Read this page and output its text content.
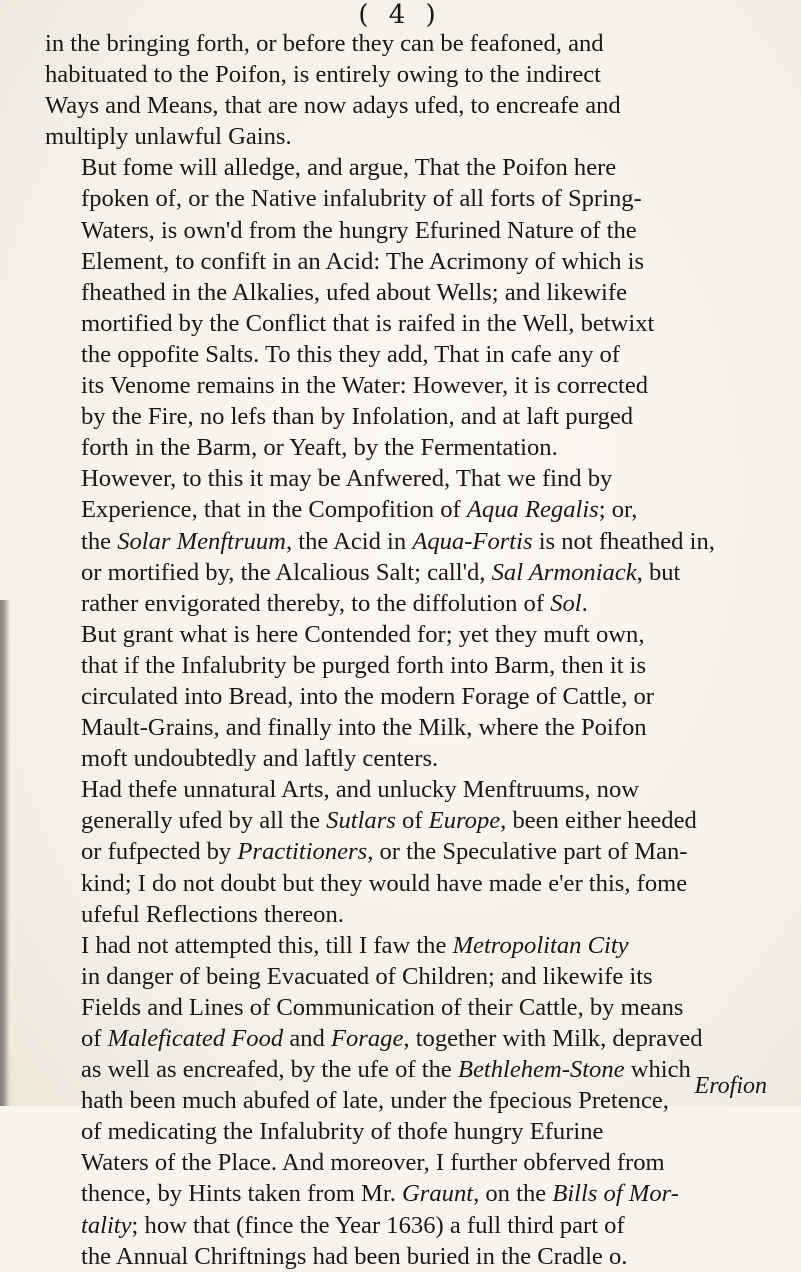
( 4 )

in the bringing forth, or before they can be feafoned, and
habituated to the Poifon, is entirely owing to the indirect
Ways and Means, that are now adays ufed, to encreafe and
multiply unlawful Gains.

But fome will alledge, and argue, That the Poifon here
fpoken of, or the Native infalubrity of all forts of Spring-
Waters, is own'd from the hungry Efurined Nature of the
Element, to confift in an Acid: The Acrimony of which is
fheathed in the Alkalies, ufed about Wells; and likewife
mortified by the Conflict that is raifed in the Well, betwixt
the oppofite Salts. To this they add, That in cafe any of
its Venome remains in the Water: However, it is corrected
by the Fire, no lefs than by Infolation, and at laft purged
forth in the Barm, or Yeaft, by the Fermentation.

However, to this it may be Anfwered, That we find by
Experience, that in the Compofition of Aqua Regalis; or,
the Solar Menftruum, the Acid in Aqua-Fortis is not fheathed in,
or mortified by, the Alcalious Salt; call'd, Sal Armoniack, but
rather envigorated thereby, to the diffolution of Sol.

But grant what is here Contended for; yet they muft own,
that if the Infalubrity be purged forth into Barm, then it is
circulated into Bread, into the modern Forage of Cattle, or
Mault-Grains, and finally into the Milk, where the Poifon
moft undoubtedly and laftly centers.

Had thefe unnatural Arts, and unlucky Menftruums, now
generally ufed by all the Sutlars of Europe, been either heeded
or fufpected by Practitioners, or the Speculative part of Man-
kind; I do not doubt but they would have made e'er this, fome
ufeful Reflections thereon.

I had not attempted this, till I faw the Metropolitan City
in danger of being Evacuated of Children; and likewife its
Fields and Lines of Communication of their Cattle, by means
of Maleficated Food and Forage, together with Milk, depraved
as well as encreafed, by the ufe of the Bethlehem-Stone which
hath been much abufed of late, under the fpecious Pretence,
of medicating the Infalubrity of thofe hungry Efurine
Waters of the Place. And moreover, I further obferved from
thence, by Hints taken from Mr. Graunt, on the Bills of Mor-
tality; how that (fince the Year 1636) a full third part of
the Annual Chriftnings had been buried in the Cradle o.

Erofion
